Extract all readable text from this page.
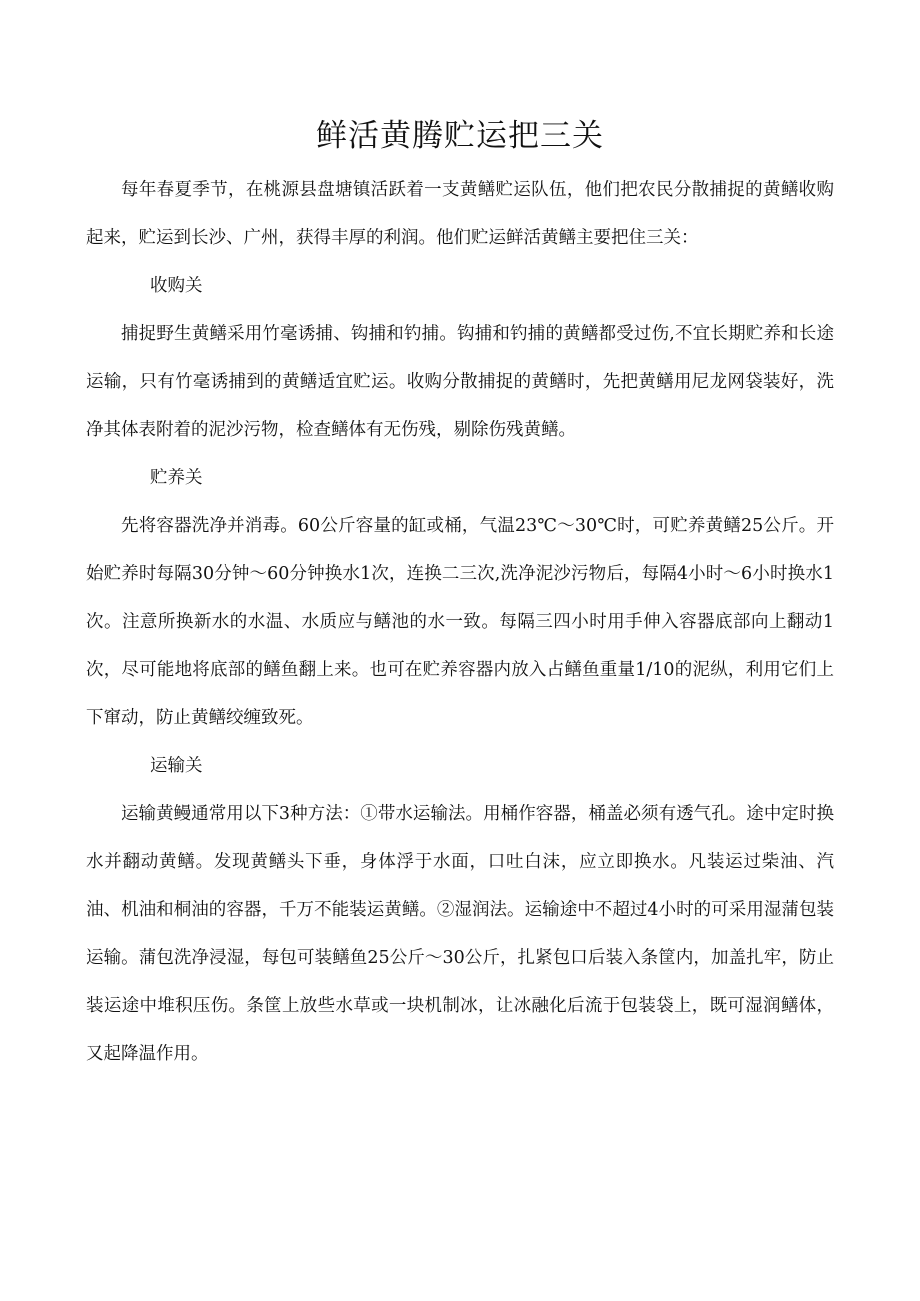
鲜活黄腾贮运把三关

每年春夏季节，在桃源县盘塘镇活跃着一支黄鳝贮运队伍，他们把农民分散捕捉的黄鳝收购起来，贮运到长沙、广州，获得丰厚的利润。他们贮运鲜活黄鳝主要把住三关：

收购关

捕捉野生黄鳝采用竹毫诱捕、钩捕和钓捕。钩捕和钓捕的黄鳝都受过伤,不宜长期贮养和长途运输，只有竹毫诱捕到的黄鳝适宜贮运。收购分散捕捉的黄鳝时，先把黄鳝用尼龙网袋装好，洗净其体表附着的泥沙污物，检查鳝体有无伤残，剔除伤残黄鳝。

贮养关

先将容器洗净并消毒。60公斤容量的缸或桶，气温23℃～30℃时，可贮养黄鳝25公斤。开始贮养时每隔30分钟～60分钟换水1次，连换二三次,洗净泥沙污物后，每隔4小时～6小时换水1次。注意所换新水的水温、水质应与鳝池的水一致。每隔三四小时用手伸入容器底部向上翻动1次，尽可能地将底部的鳝鱼翻上来。也可在贮养容器内放入占鳝鱼重量1/10的泥纵，利用它们上下窜动，防止黄鳝绞缠致死。

运输关

运输黄鳗通常用以下3种方法：①带水运输法。用桶作容器，桶盖必须有透气孔。途中定时换水并翻动黄鳝。发现黄鳝头下垂，身体浮于水面，口吐白沫，应立即换水。凡装运过柴油、汽油、机油和桐油的容器，千万不能装运黄鳝。②湿润法。运输途中不超过4小时的可采用湿蒲包装运输。蒲包洗净浸湿，每包可装鳝鱼25公斤～30公斤，扎紧包口后装入条筐内，加盖扎牢，防止装运途中堆积压伤。条筐上放些水草或一块机制冰，让冰融化后流于包装袋上，既可湿润鳝体，又起降温作用。
